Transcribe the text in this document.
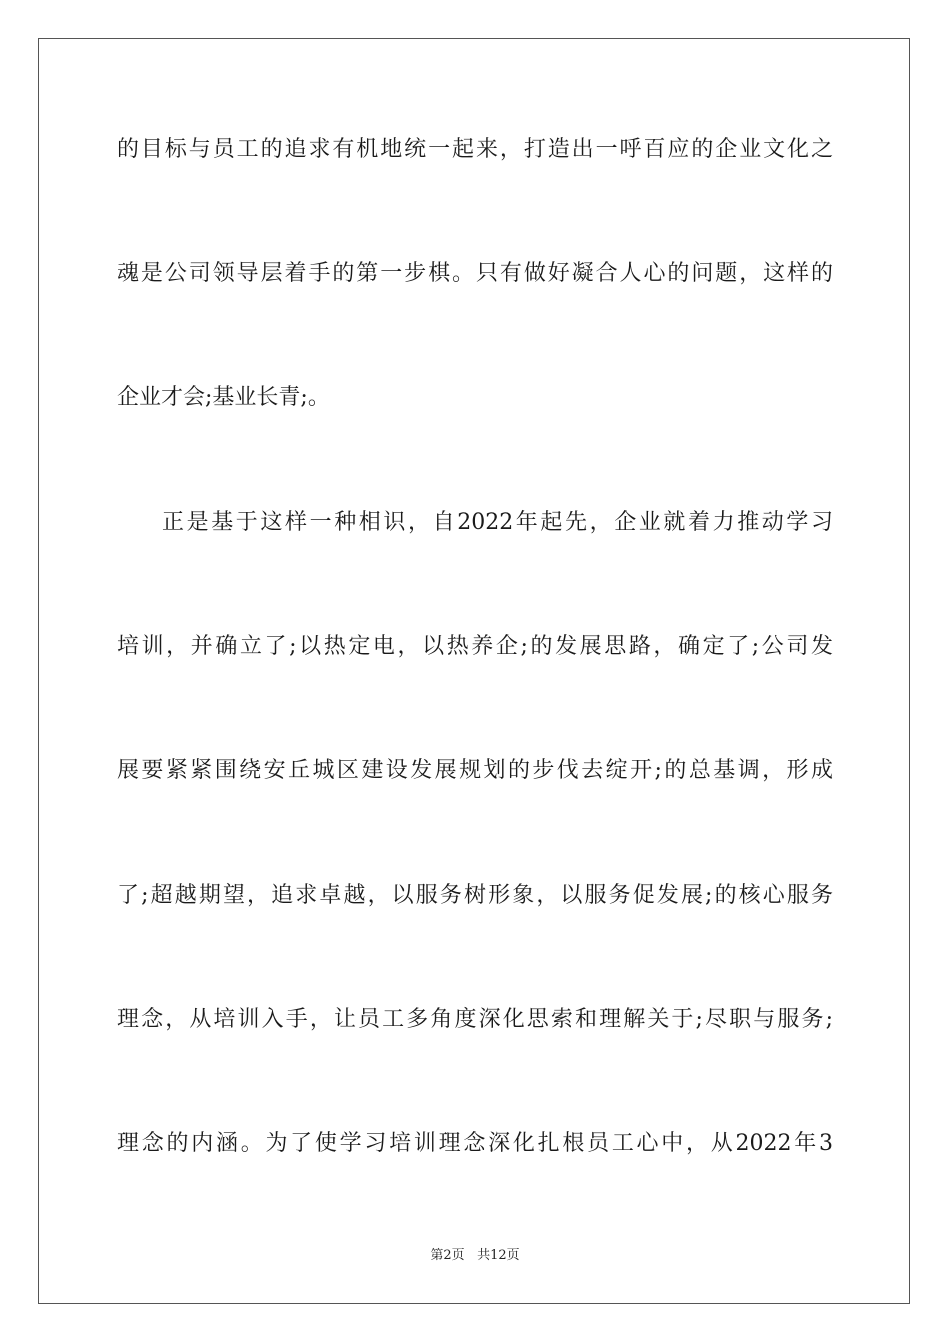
的目标与员工的追求有机地统一起来，打造出一呼百应的企业文化之
魂是公司领导层着手的第一步棋。只有做好凝合人心的问题，这样的
企业才会;基业长青;。
正是基于这样一种相识，自2022年起先，企业就着力推动学习
培训，并确立了;以热定电，以热养企;的发展思路，确定了;公司发
展要紧紧围绕安丘城区建设发展规划的步伐去绽开;的总基调，形成
了;超越期望，追求卓越，以服务树形象，以服务促发展;的核心服务
理念，从培训入手，让员工多角度深化思索和理解关于;尽职与服务;
理念的内涵。为了使学习培训理念深化扎根员工心中，从2022年3
第2页 共12页
